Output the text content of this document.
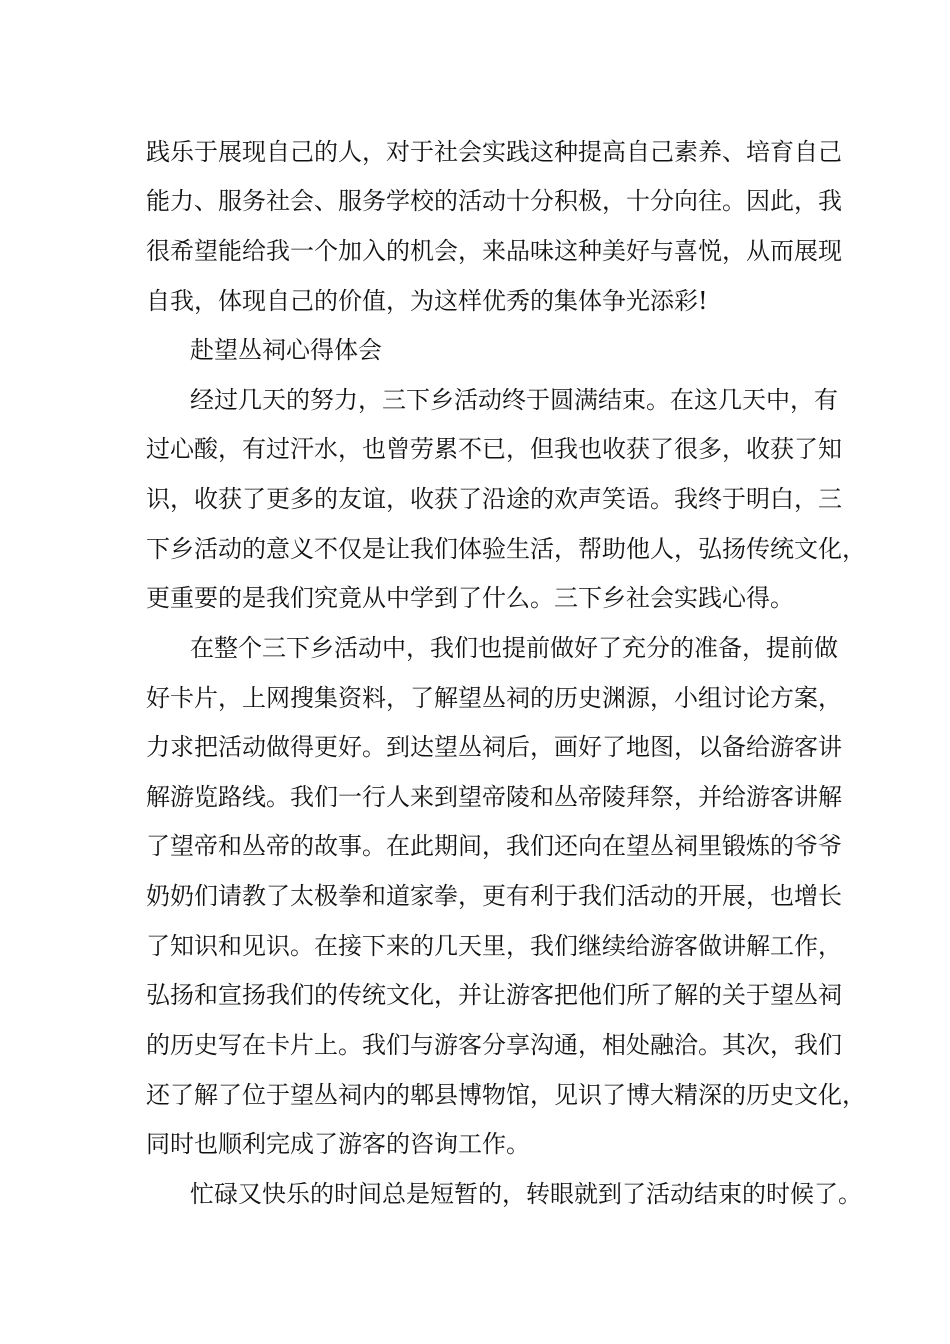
践乐于展现自己的人，对于社会实践这种提高自己素养、培育自己
能力、服务社会、服务学校的活动十分积极，十分向往。因此，我
很希望能给我一个加入的机会，来品味这种美好与喜悦，从而展现
自我，体现自己的价值，为这样优秀的集体争光添彩!
赴望丛祠心得体会
经过几天的努力，三下乡活动终于圆满结束。在这几天中，有
过心酸，有过汗水，也曾劳累不已，但我也收获了很多，收获了知
识，收获了更多的友谊，收获了沿途的欢声笑语。我终于明白，三
下乡活动的意义不仅是让我们体验生活，帮助他人，弘扬传统文化，
更重要的是我们究竟从中学到了什么。三下乡社会实践心得。
在整个三下乡活动中，我们也提前做好了充分的准备，提前做
好卡片，上网搜集资料，了解望丛祠的历史渊源，小组讨论方案，
力求把活动做得更好。到达望丛祠后，画好了地图，以备给游客讲
解游览路线。我们一行人来到望帝陵和丛帝陵拜祭，并给游客讲解
了望帝和丛帝的故事。在此期间，我们还向在望丛祠里锻炼的爷爷
奶奶们请教了太极拳和道家拳，更有利于我们活动的开展，也增长
了知识和见识。在接下来的几天里，我们继续给游客做讲解工作，
弘扬和宣扬我们的传统文化，并让游客把他们所了解的关于望丛祠
的历史写在卡片上。我们与游客分享沟通，相处融洽。其次，我们
还了解了位于望丛祠内的郫县博物馆，见识了博大精深的历史文化，
同时也顺利完成了游客的咨询工作。
忙碌又快乐的时间总是短暂的，转眼就到了活动结束的时候了。
